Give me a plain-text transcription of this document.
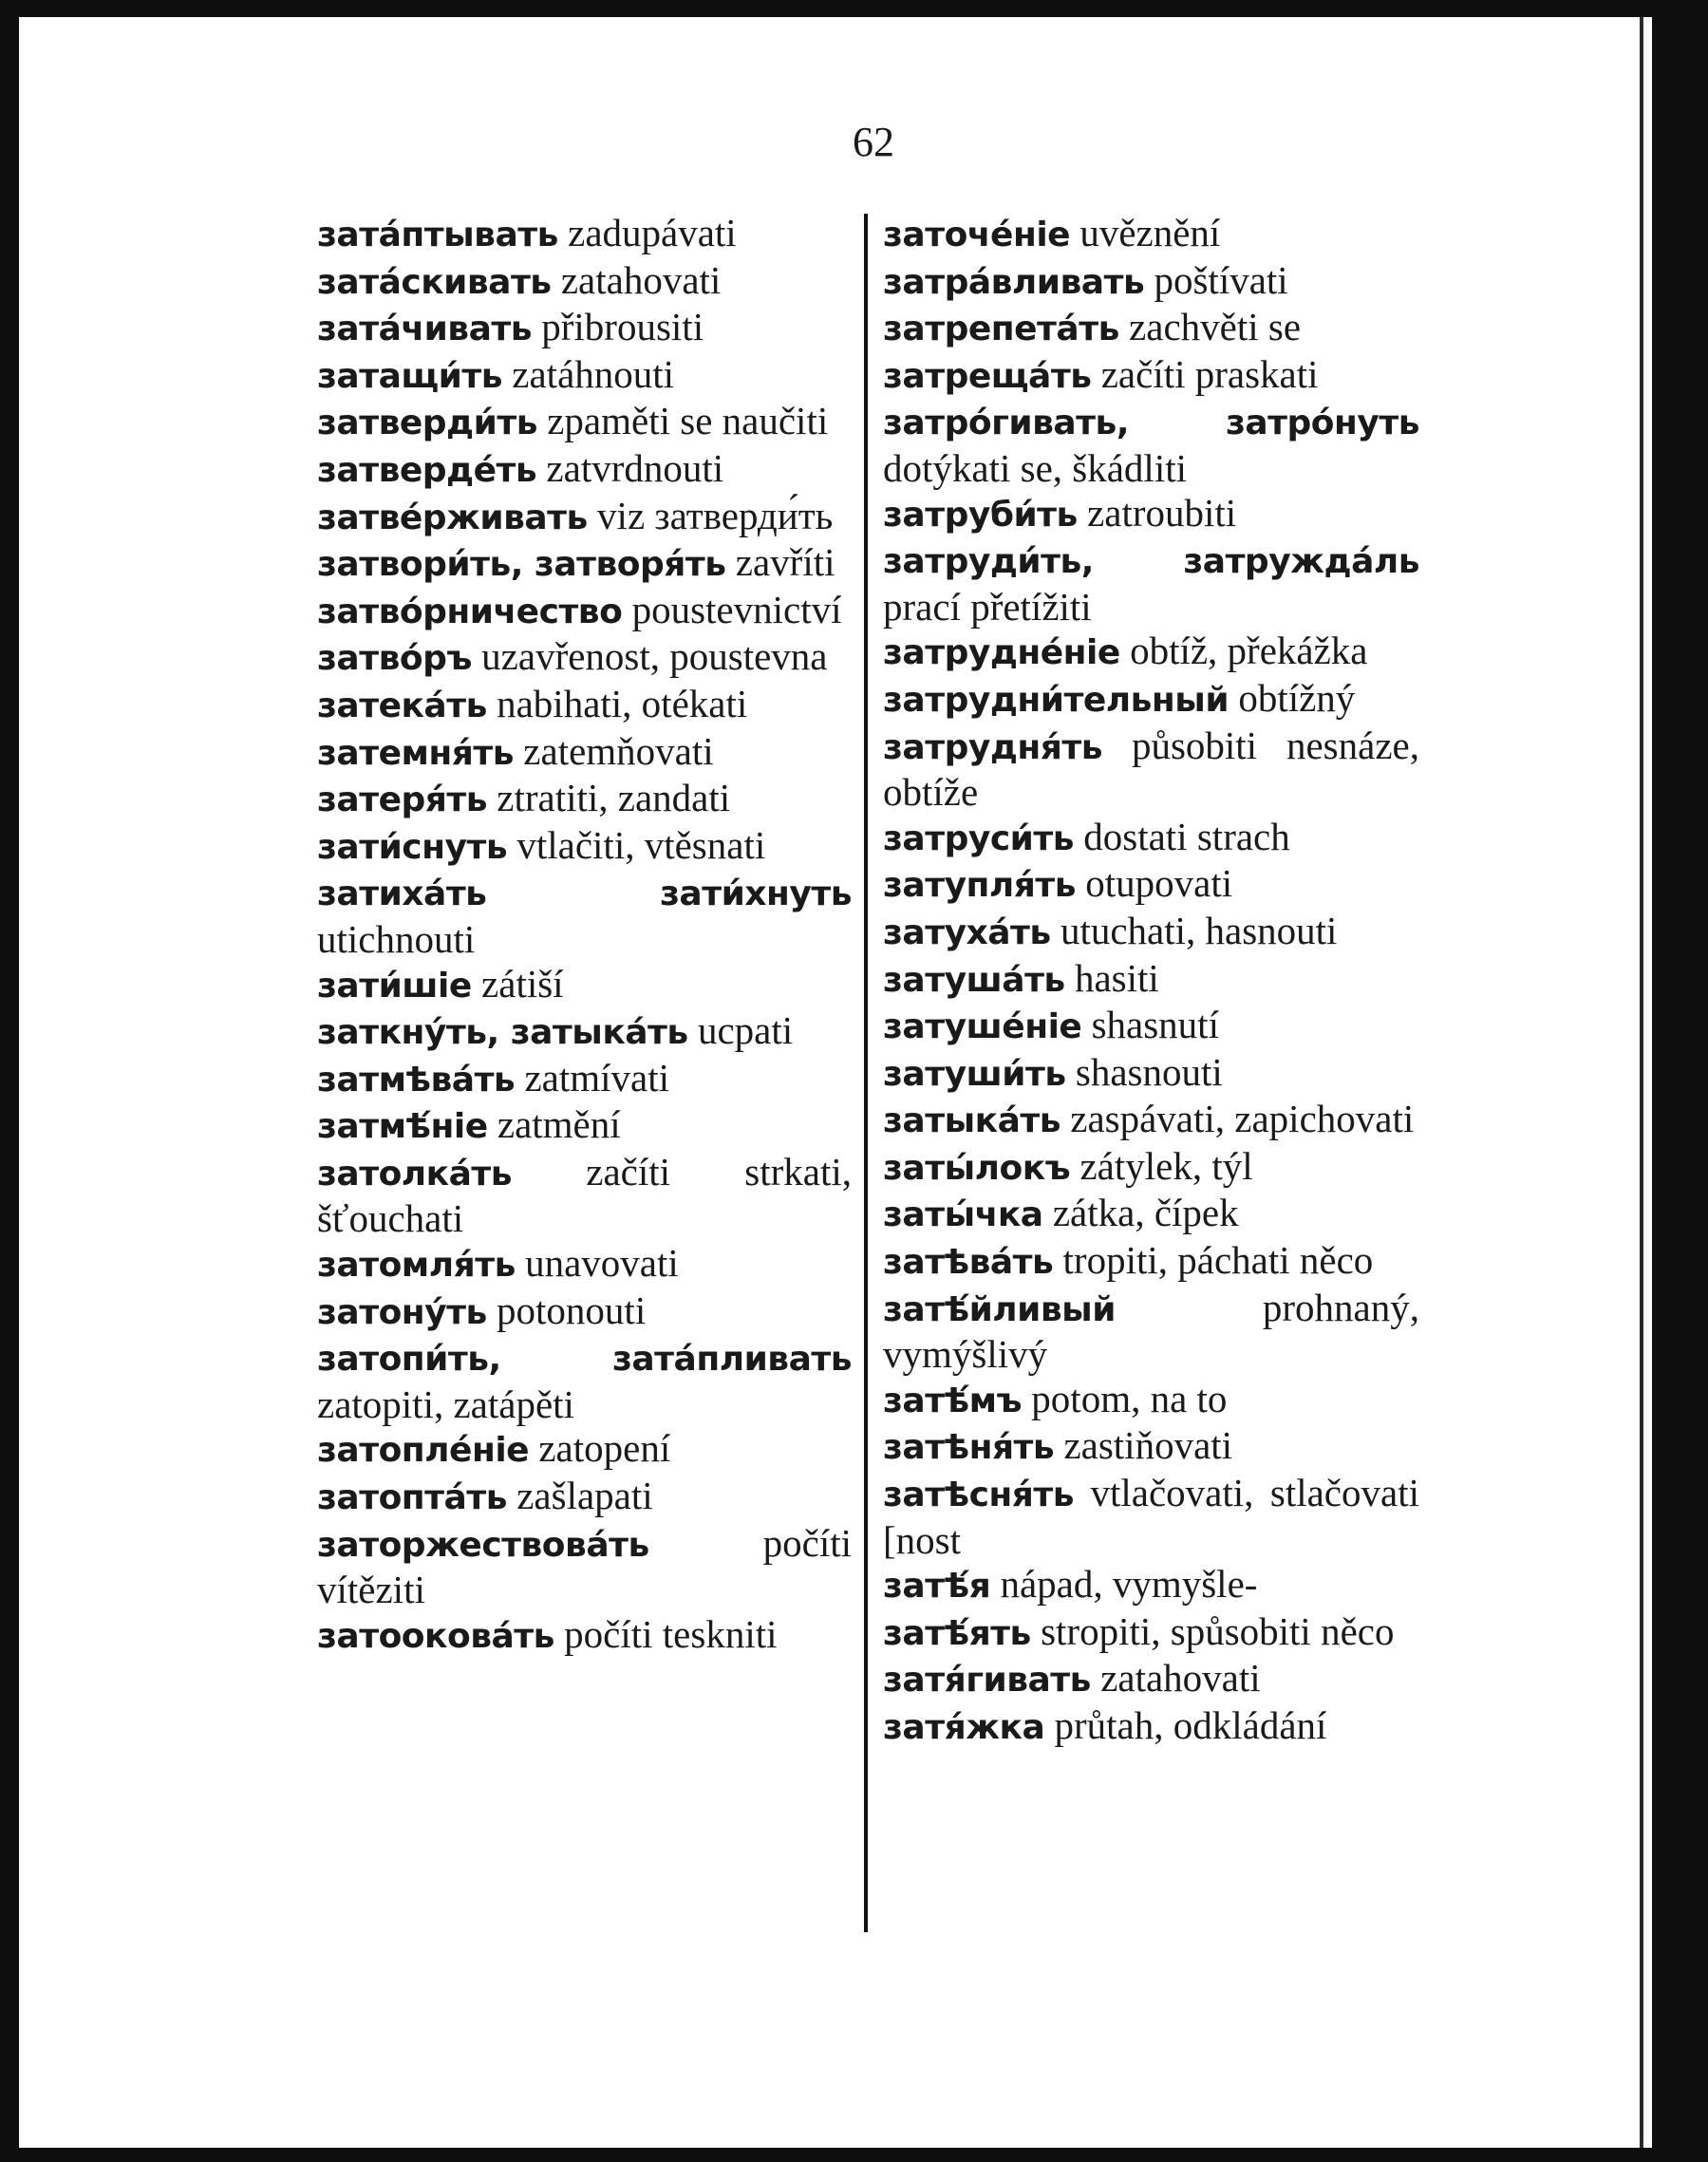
62
зата́птывать zadupávati
зата́скивать zatahovati
зата́чивать přibrousiti
затащи́ть zatáhnouti
затверди́ть zpaměti se naučiti
затверде́ть zatvrdnouti
затве́рживать viz затверди́ть
затвори́ть, затворя́ть zavříti
затво́рничество poustevnictví
затво́ръ uzavřenost, poustevna
затека́ть nabihati, otékati
затемня́ть zatemňovati
затеря́ть ztratiti, zandati
зати́снуть vtlačiti, vtěsnati
затиха́ть зати́хнуть utichnouti
зати́шіе zátiší
заткну́ть, затыка́ть ucpati
затмѣва́ть zatmívati
затмѣ́ніе zatmění
затолка́ть začíti strkati, šťouchati
затомля́ть unavovati
затону́ть potonouti
затопи́ть, зата́пливать zatopiti, zatápěti
затопле́ніе zatopení
затопта́ть zašlapati
заторжествова́ть	počíti vítěziti
затоокова́ть počíti teskniti
заточе́ніе uvěznění
затра́вливать poštívati
затрепета́ть zachvěti se
затреща́ть začíti praskati
затро́гивать, затро́нуть dotýkati se, škádliti
затруби́ть zatroubiti
затруди́ть, затружда́ль prací přetížiti
затрудне́ніе obtíž, překážka
затрудни́тельный obtížný
затрудня́ть působiti nesnáze, obtíže
затруси́ть dostati strach
затупля́ть otupovati
затуха́ть utuchati, hasnouti
затуша́ть hasiti
затуше́ніе shasnutí
затуши́ть shasnouti
затыка́ть zaspávati, zapichovati
заты́локъ zátylek, týl
заты́чка zátka, čípek
затѣва́ть tropiti, páchati něco
затѣ́йливый	prohnaný, vymýšlivý
затѣ́мъ potom, na to
затѣня́ть zastiňovati
затѣсня́ть vtlačovati, stlačovati [nost
затѣ́я nápad, vymyšle-
затѣ́ять stropiti, spůsobiti něco
затя́гивать zatahovati
затя́жка průtah, odkládání
